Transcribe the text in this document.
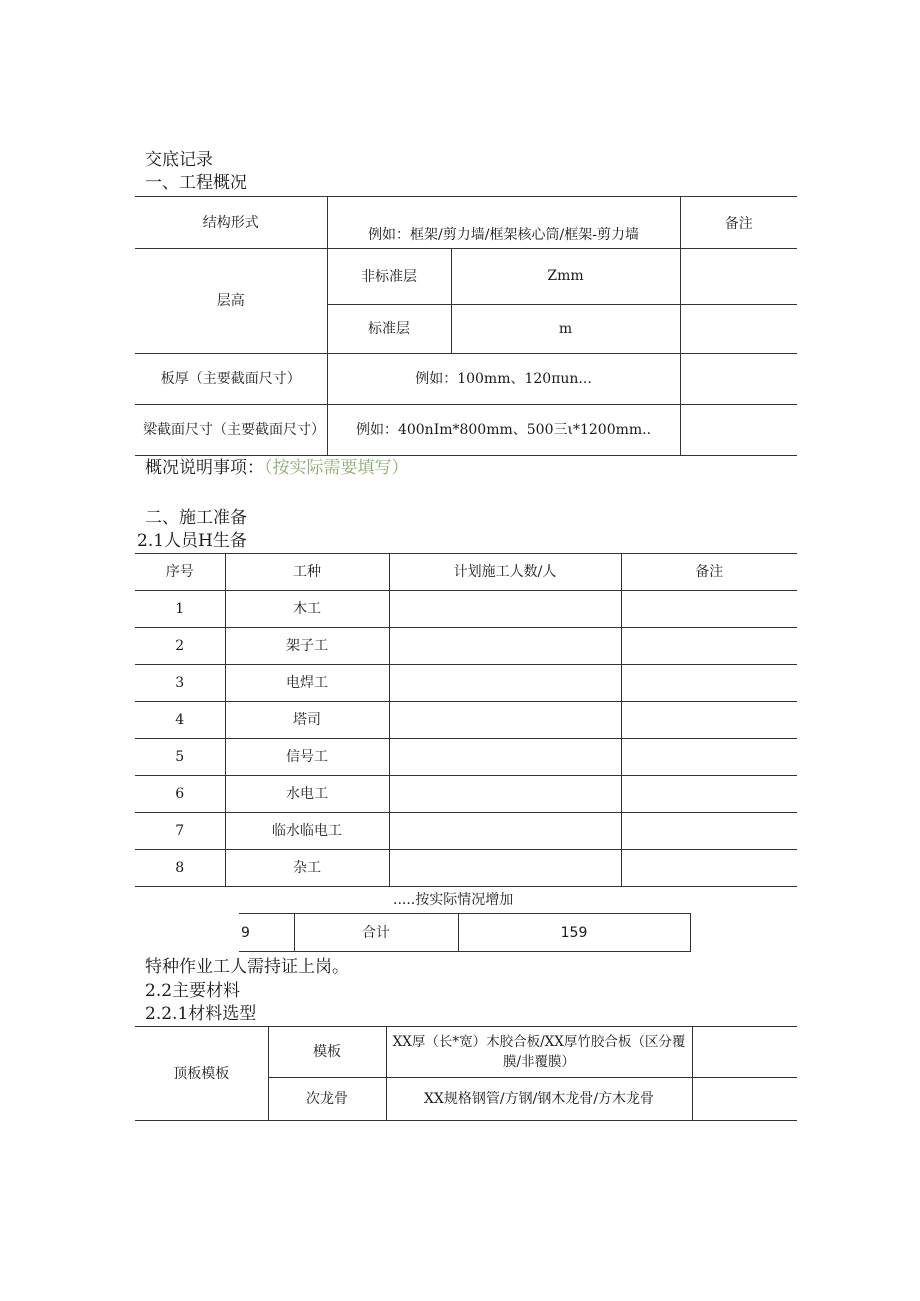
交底记录
一、工程概况
结构形式	例如：框架/剪力墙/框架核心筒/框架-剪力墙		备注
层高	非标准层	Zmm	
	标准层	m	
板厚（主要截面尺寸）	例如：100mm、120πun...		
梁截面尺寸（主要截面尺寸）	例如：400nIm*800mm、500三ι*1200mm..		
概况说明事项：（按实际需要填写）
二、施工准备
2.1人员H生备
序号	工种	计划施工人数/人	备注
1	木工		
2	架子工		
3	电焊工		
4	塔司		
5	信号工		
6	水电工		
7	临水临电工		
8	杂工		
.....按实际情况增加
9	合计	159
特种作业工人需持证上岗。
2.2主要材料
2.2.1材料选型
顶板模板	模板	XX厚（长*宽）木胶合板/XX厚竹胶合板（区分覆膜/非覆膜）	
	次龙骨	XX规格钢管/方钢/钢木龙骨/方木龙骨	
